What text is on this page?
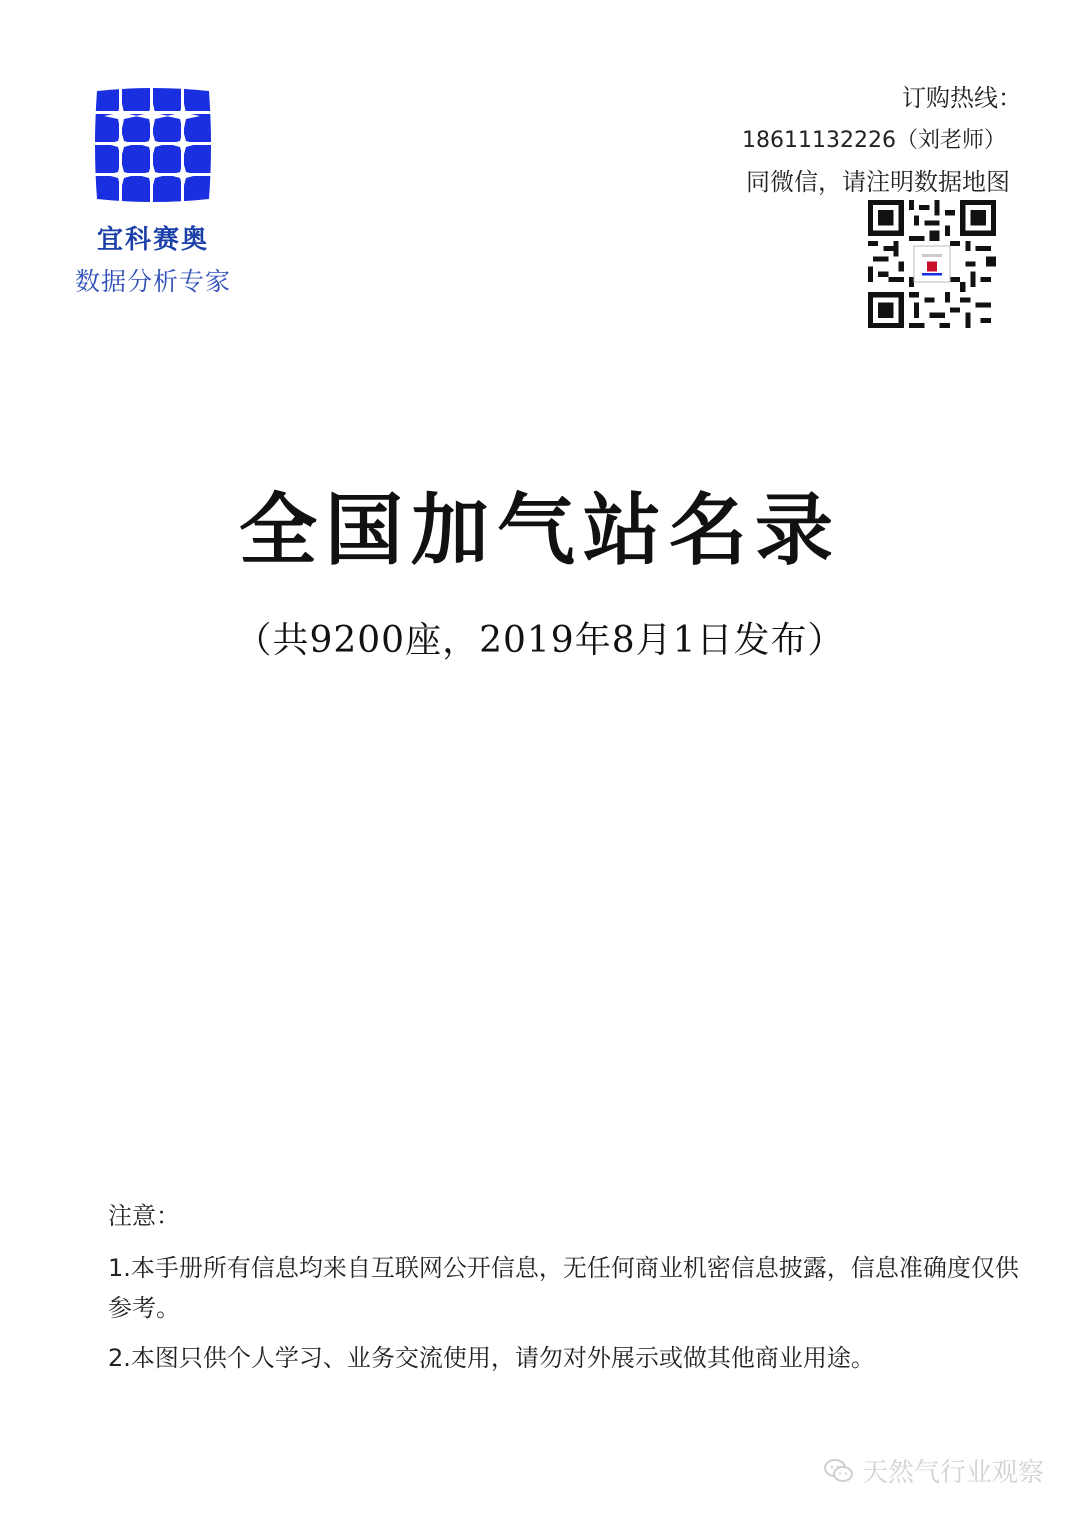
宜科赛奥
数据分析专家
订购热线：
18611132226（刘老师）
同微信，请注明数据地图
全国加气站名录
（共9200座，2019年8月1日发布）
注意：

1.本手册所有信息均来自互联网公开信息，无任何商业机密信息披露，信息准确度仅供参考。

2.本图只供个人学习、业务交流使用，请勿对外展示或做其他商业用途。

天然气行业观察
